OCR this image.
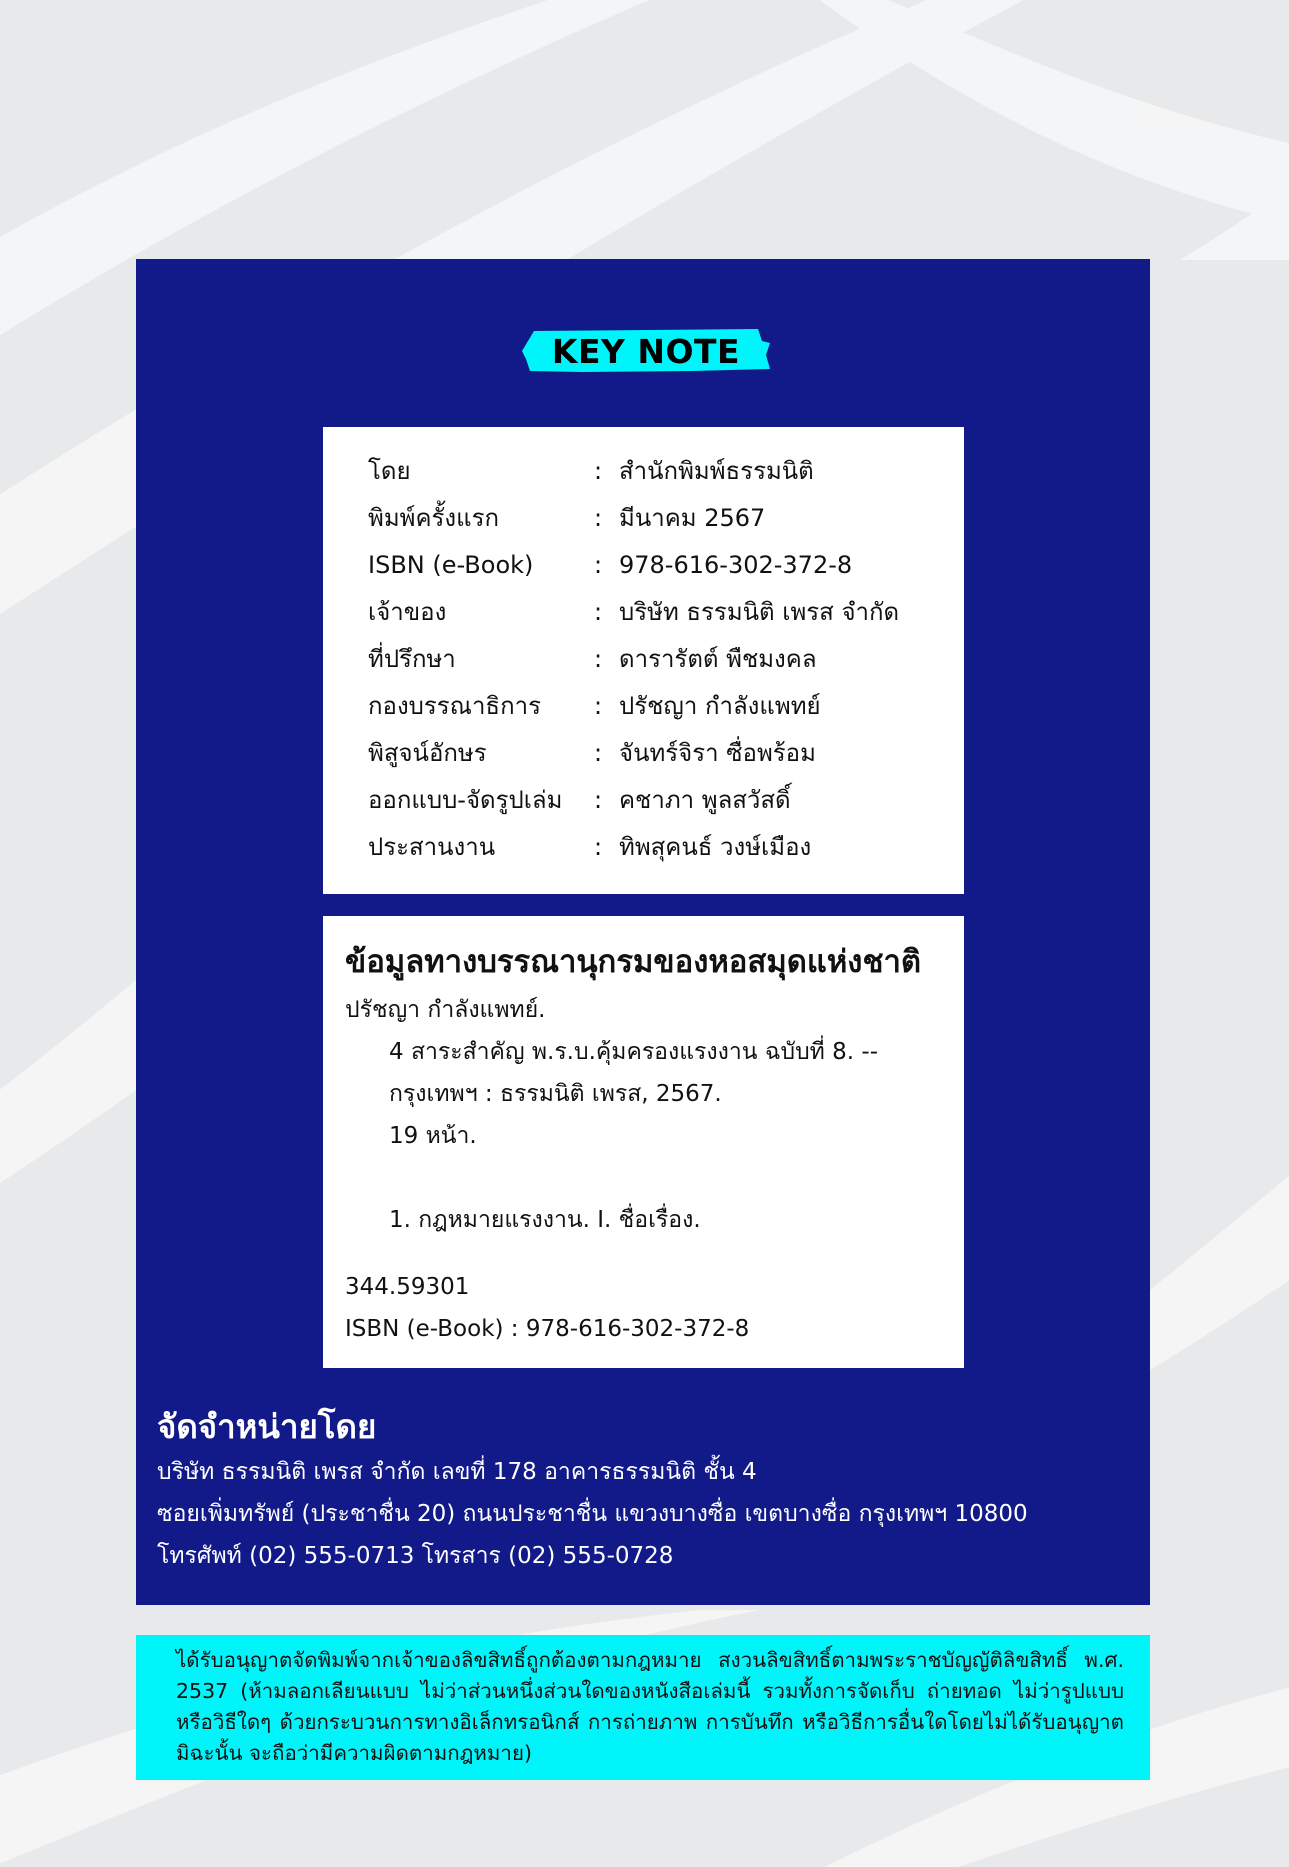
KEY NOTE
โดย	: สำนักพิมพ์ธรรมนิติ
พิมพ์ครั้งแรก	: มีนาคม 2567
ISBN (e-Book)	: 978-616-302-372-8
เจ้าของ	: บริษัท ธรรมนิติ เพรส จำกัด
ที่ปรึกษา	: ดารารัตต์ พืชมงคล
กองบรรณาธิการ	: ปรัชญา กำลังแพทย์
พิสูจน์อักษร	: จันทร์จิรา ซื่อพร้อม
ออกแบบ-จัดรูปเล่ม	: คชาภา พูลสวัสดิ์
ประสานงาน	: ทิพสุคนธ์ วงษ์เมือง
ข้อมูลทางบรรณานุกรมของหอสมุดแห่งชาติ
ปรัชญา กำลังแพทย์.
4 สาระสำคัญ พ.ร.บ.คุ้มครองแรงงาน ฉบับที่ 8. --
กรุงเทพฯ : ธรรมนิติ เพรส, 2567.
19 หน้า.
1. กฎหมายแรงงาน. I. ชื่อเรื่อง.
344.59301
ISBN (e-Book) : 978-616-302-372-8
จัดจำหน่ายโดย
บริษัท ธรรมนิติ เพรส จำกัด เลขที่ 178 อาคารธรรมนิติ ชั้น 4
ซอยเพิ่มทรัพย์ (ประชาชื่น 20) ถนนประชาชื่น แขวงบางซื่อ เขตบางซื่อ กรุงเทพฯ 10800
โทรศัพท์ (02) 555-0713 โทรสาร (02) 555-0728
ได้รับอนุญาตจัดพิมพ์จากเจ้าของลิขสิทธิ์ถูกต้องตามกฎหมาย สงวนลิขสิทธิ์ตามพระราชบัญญัติลิขสิทธิ์ พ.ศ. 2537 (ห้ามลอกเลียนแบบ ไม่ว่าส่วนหนึ่งส่วนใดของหนังสือเล่มนี้ รวมทั้งการจัดเก็บ ถ่ายทอด ไม่ว่ารูปแบบหรือวิธีใดๆ ด้วยกระบวนการทางอิเล็กทรอนิกส์ การถ่ายภาพ การบันทึก หรือวิธีการอื่นใดโดยไม่ได้รับอนุญาตมิฉะนั้น จะถือว่ามีความผิดตามกฎหมาย)
